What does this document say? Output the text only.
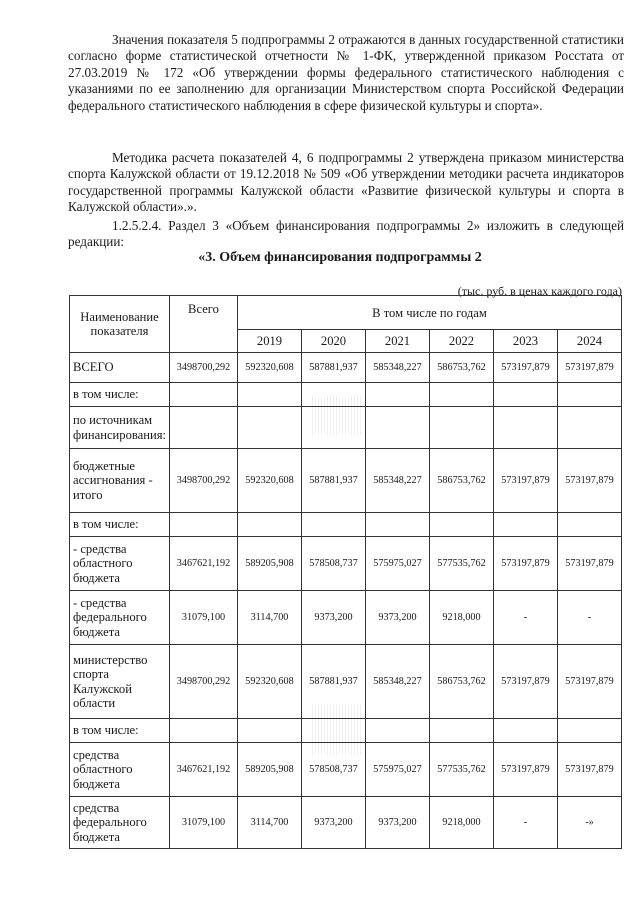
Значения показателя 5 подпрограммы 2 отражаются в данных государственной статистики согласно форме статистической отчетности № 1-ФК, утвержденной приказом Росстата от 27.03.2019 № 172 «Об утверждении формы федерального статистического наблюдения с указаниями по ее заполнению для организации Министерством спорта Российской Федерации федерального статистического наблюдения в сфере физической культуры и спорта».

Методика расчета показателей 4, 6 подпрограммы 2 утверждена приказом министерства спорта Калужской области от 19.12.2018 № 509 «Об утверждении методики расчета индикаторов государственной программы Калужской области «Развитие физической культуры и спорта в Калужской области».».

1.2.5.2.4. Раздел 3 «Объем финансирования подпрограммы 2» изложить в следующей редакции:

«3. Объем финансирования подпрограммы 2

(тыс. руб. в ценах каждого года)

Наименование показателя	Всего	В том числе по годам					
		2019	2020	2021	2022	2023	2024
ВСЕГО	3498700,292	592320,608	587881,937	585348,227	586753,762	573197,879	573197,879
в том числе:							
по источникам финансирования:							
бюджетные ассигнования - итого	3498700,292	592320,608	587881,937	585348,227	586753,762	573197,879	573197,879
в том числе:							
- средства областного бюджета	3467621,192	589205,908	578508,737	575975,027	577535,762	573197,879	573197,879
- средства федерального бюджета	31079,100	3114,700	9373,200	9373,200	9218,000	-	-
министерство спорта Калужской области	3498700,292	592320,608	587881,937	585348,227	586753,762	573197,879	573197,879
в том числе:							
средства областного бюджета	3467621,192	589205,908	578508,737	575975,027	577535,762	573197,879	573197,879
средства федерального бюджета	31079,100	3114,700	9373,200	9373,200	9218,000	-	-»
